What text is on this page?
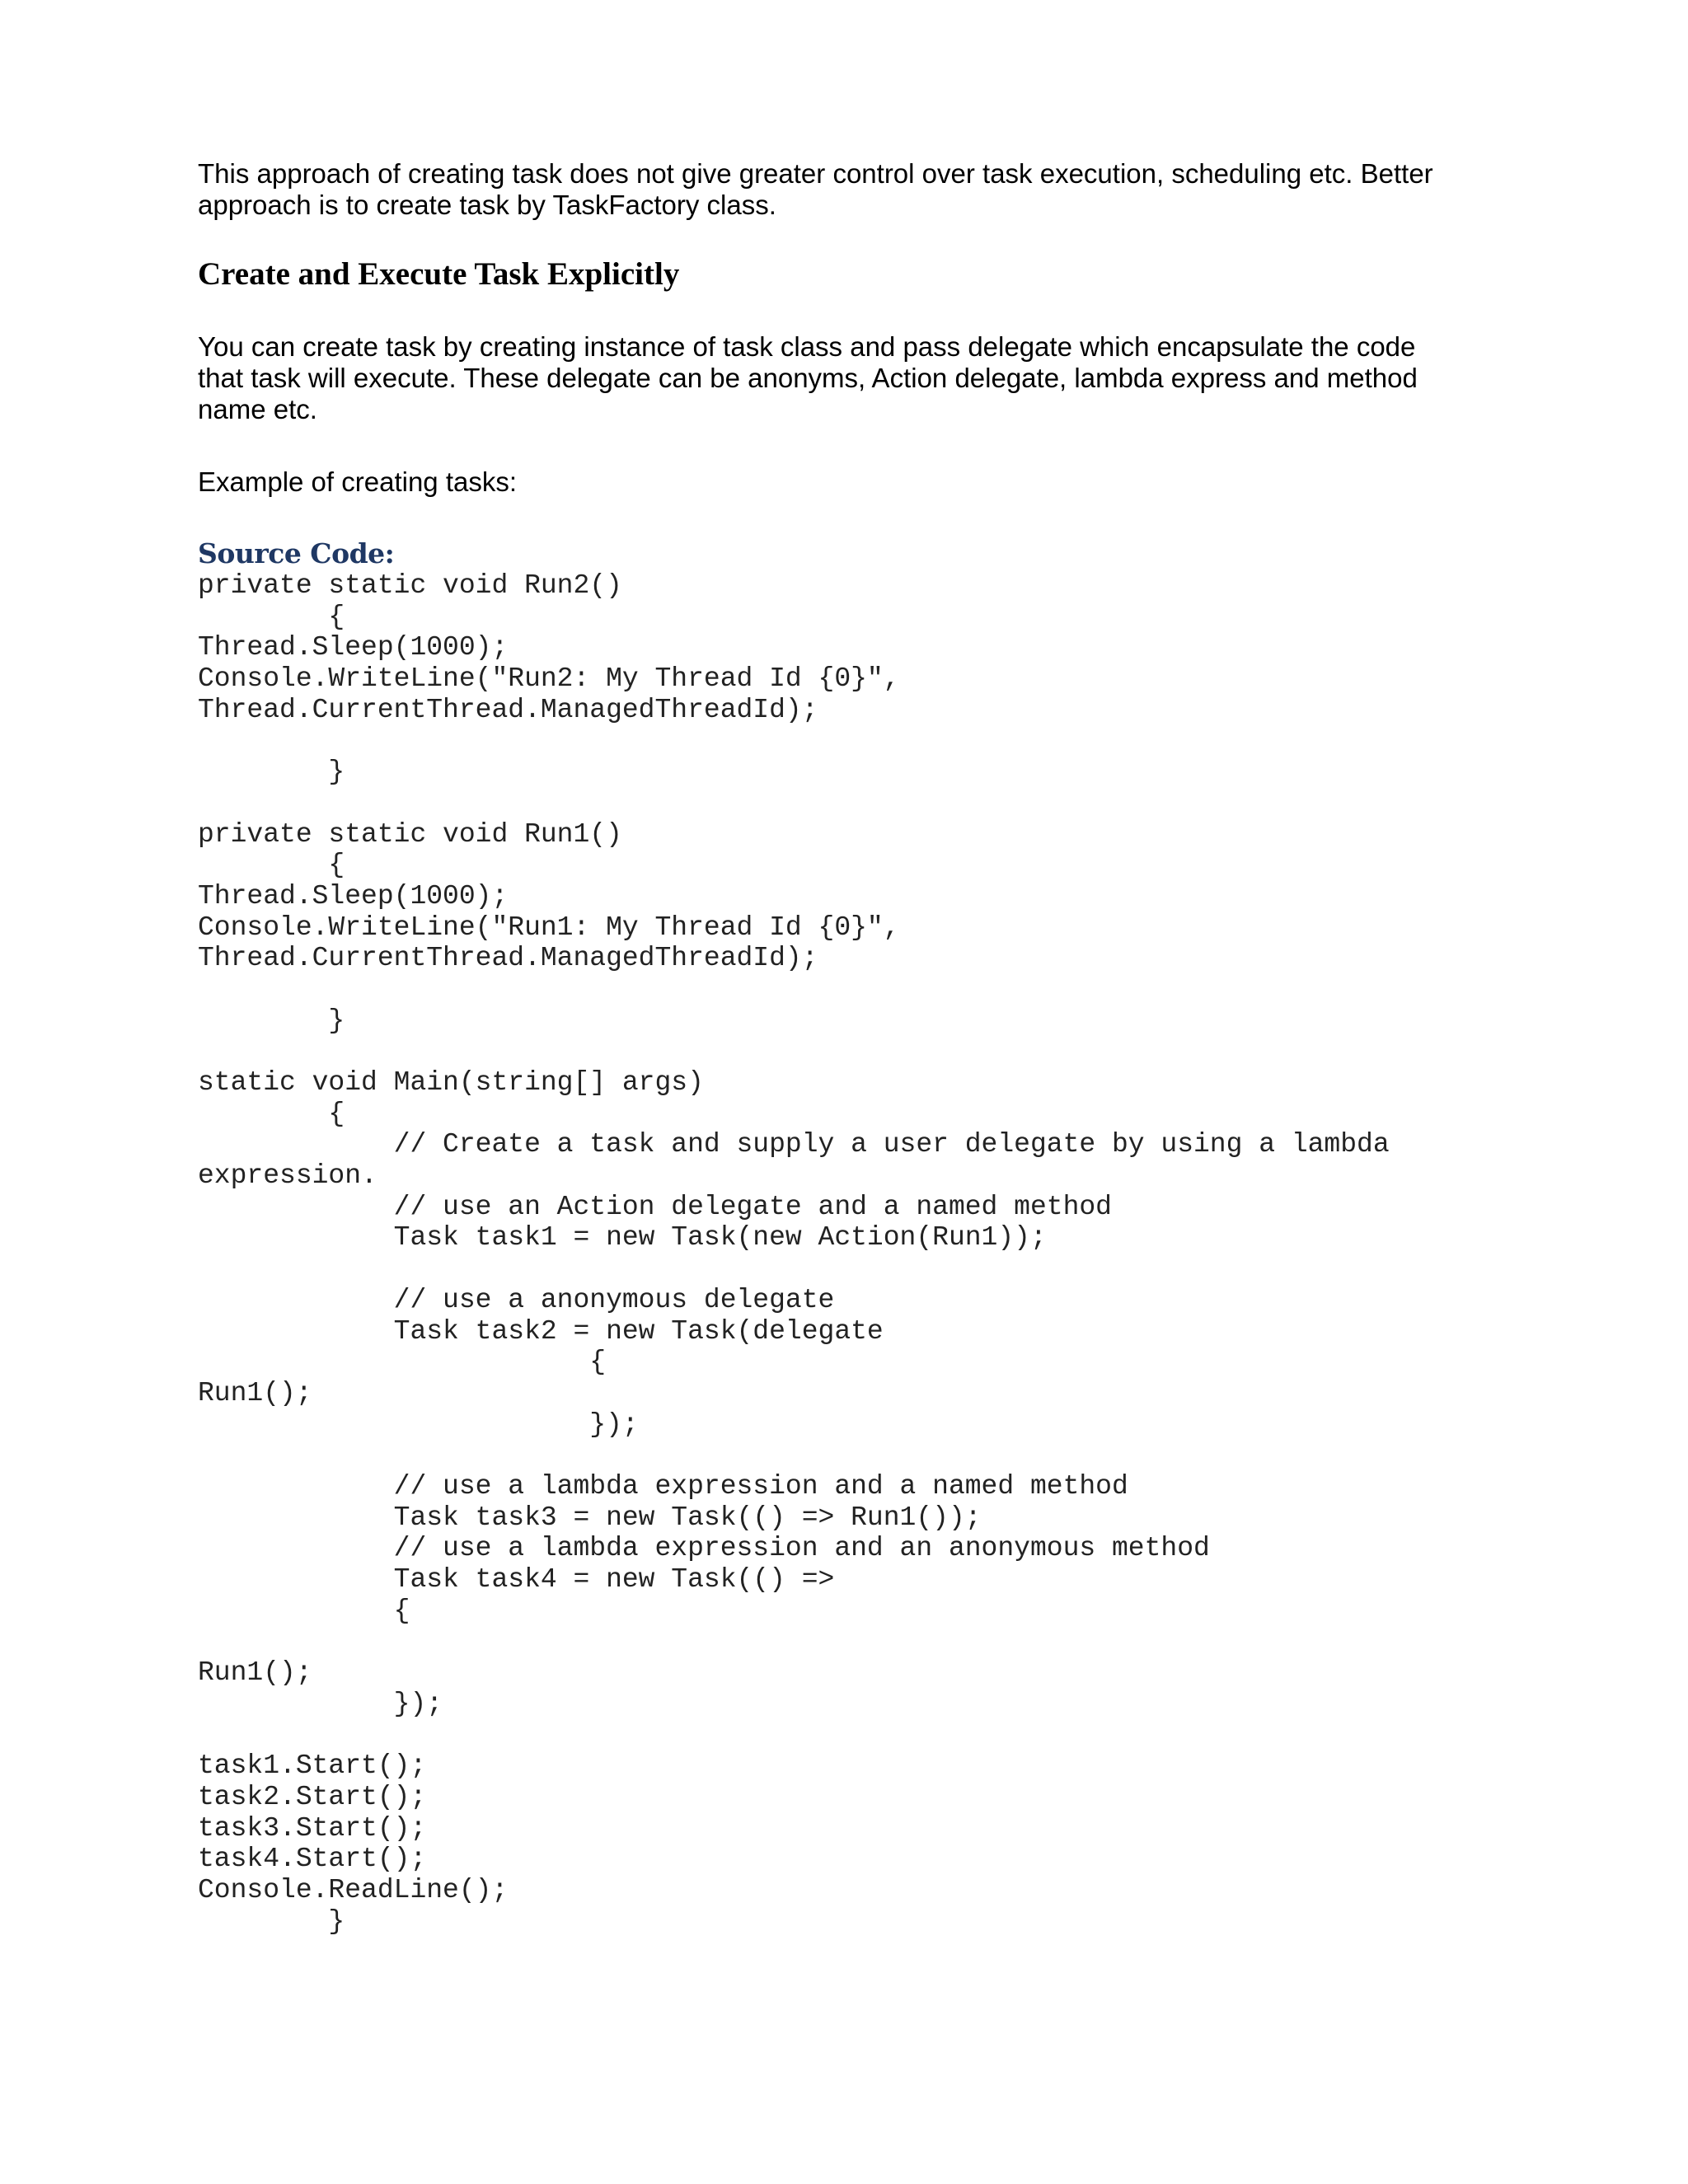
This approach of creating task does not give greater control over task execution, scheduling etc. Better
approach is to create task by TaskFactory class.

Create and Execute Task Explicitly

You can create task by creating instance of task class and pass delegate which encapsulate the code
that task will execute. These delegate can be anonyms, Action delegate, lambda express and method
name etc.

Example of creating tasks:

Source Code:
private static void Run2()
{
Thread.Sleep(1000);
Console.WriteLine("Run2: My Thread Id {0}",
Thread.CurrentThread.ManagedThreadId);
}
private static void Run1()
{
Thread.Sleep(1000);
Console.WriteLine("Run1: My Thread Id {0}",
Thread.CurrentThread.ManagedThreadId);
}
static void Main(string[] args)
{
// Create a task and supply a user delegate by using a lambda
expression.
// use an Action delegate and a named method
Task task1 = new Task(new Action(Run1));
// use a anonymous delegate
Task task2 = new Task(delegate
{
Run1();
});
// use a lambda expression and a named method
Task task3 = new Task(() => Run1());
// use a lambda expression and an anonymous method
Task task4 = new Task(() =>
{
Run1();
});
task1.Start();
task2.Start();
task3.Start();
task4.Start();
Console.ReadLine();
}
